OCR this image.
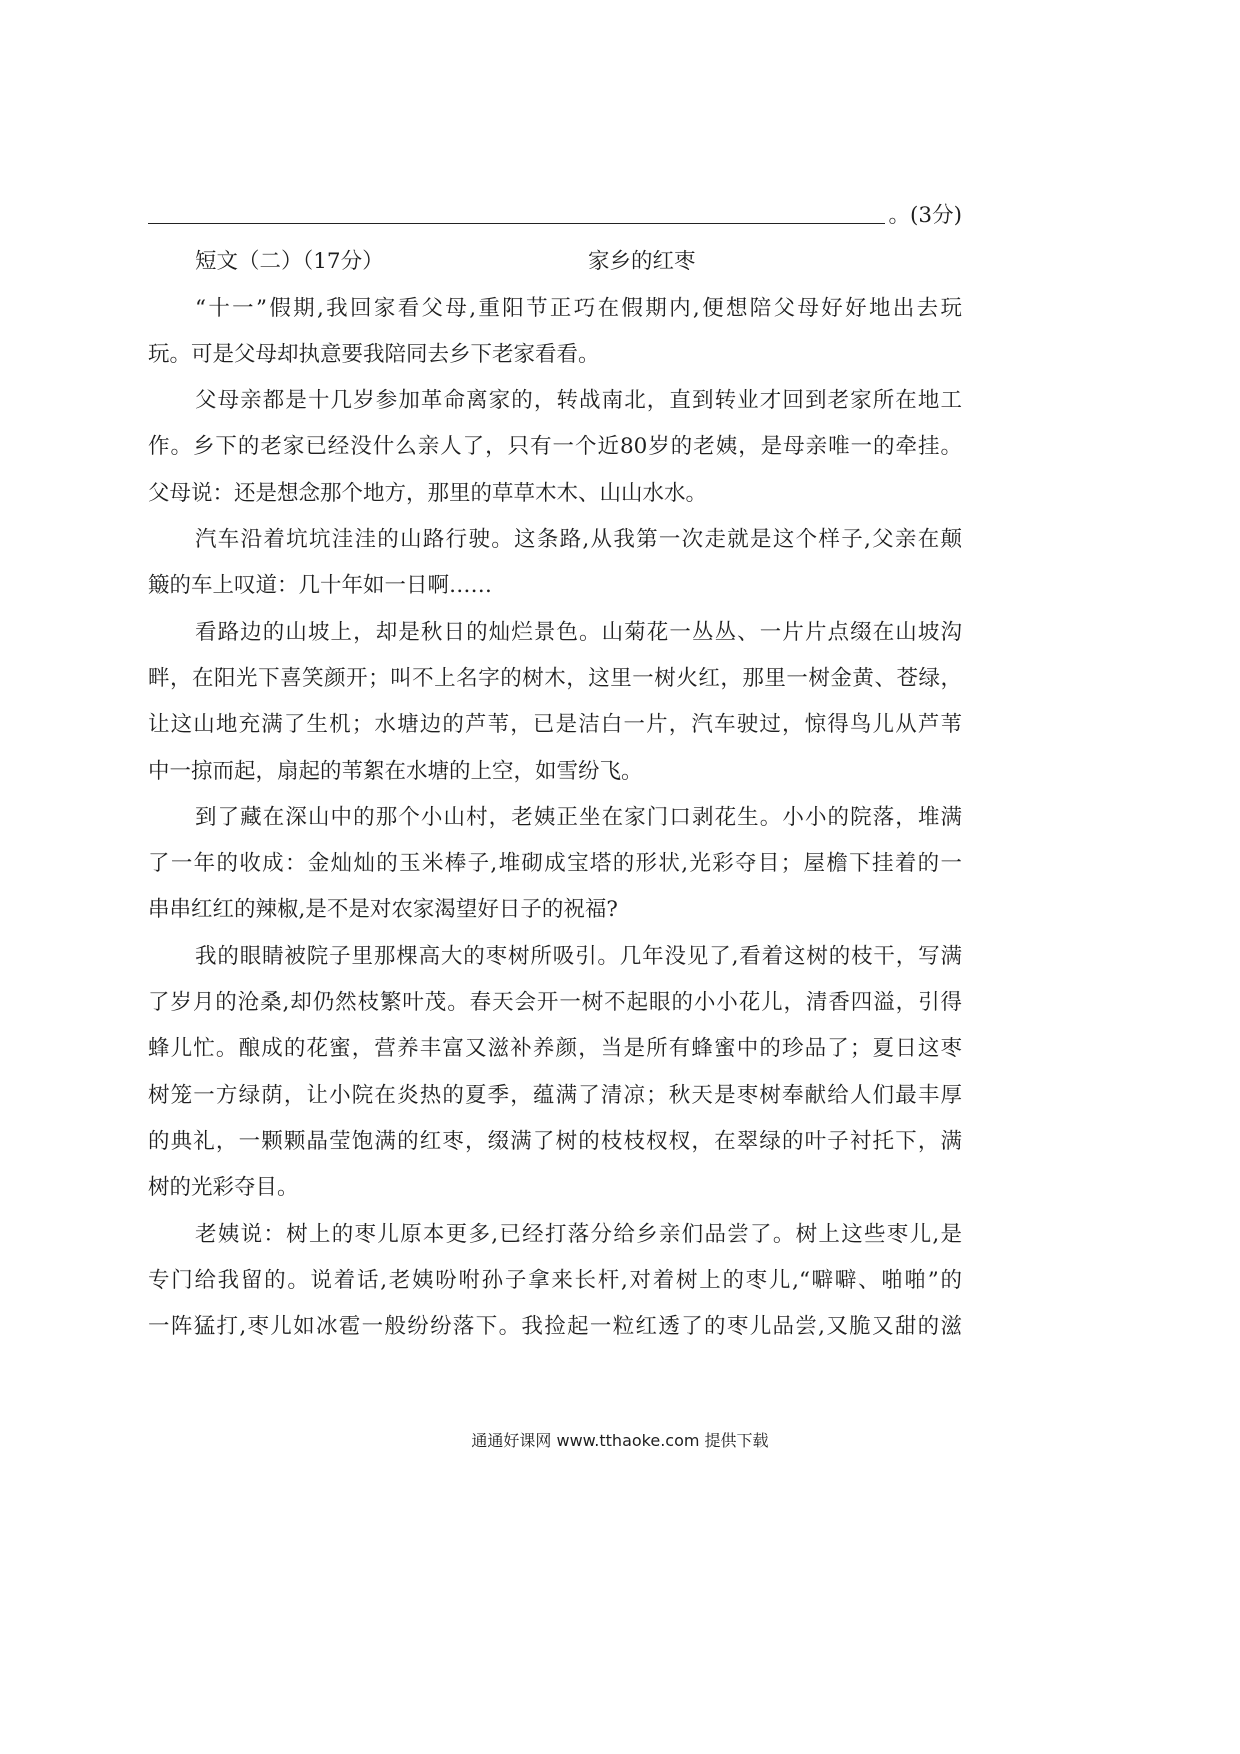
。(3分)
短文（二）（17分）	家乡的红枣
“十一”假期,我回家看父母,重阳节正巧在假期内,便想陪父母好好地出去玩
玩。可是父母却执意要我陪同去乡下老家看看。
父母亲都是十几岁参加革命离家的，转战南北，直到转业才回到老家所在地工
作。乡下的老家已经没什么亲人了，只有一个近80岁的老姨，是母亲唯一的牵挂。
父母说：还是想念那个地方，那里的草草木木、山山水水。
汽车沿着坑坑洼洼的山路行驶。这条路,从我第一次走就是这个样子,父亲在颠
簸的车上叹道：几十年如一日啊……
看路边的山坡上，却是秋日的灿烂景色。山菊花一丛丛、一片片点缀在山坡沟
畔，在阳光下喜笑颜开；叫不上名字的树木，这里一树火红，那里一树金黄、苍绿，
让这山地充满了生机；水塘边的芦苇，已是洁白一片，汽车驶过，惊得鸟儿从芦苇
中一掠而起，扇起的苇絮在水塘的上空，如雪纷飞。
到了藏在深山中的那个小山村，老姨正坐在家门口剥花生。小小的院落，堆满
了一年的收成：金灿灿的玉米棒子,堆砌成宝塔的形状,光彩夺目；屋檐下挂着的一
串串红红的辣椒,是不是对农家渴望好日子的祝福?
我的眼睛被院子里那棵高大的枣树所吸引。几年没见了,看着这树的枝干，写满
了岁月的沧桑,却仍然枝繁叶茂。春天会开一树不起眼的小小花儿，清香四溢，引得
蜂儿忙。酿成的花蜜，营养丰富又滋补养颜，当是所有蜂蜜中的珍品了；夏日这枣
树笼一方绿荫，让小院在炎热的夏季，蕴满了清凉；秋天是枣树奉献给人们最丰厚
的典礼，一颗颗晶莹饱满的红枣，缀满了树的枝枝杈杈，在翠绿的叶子衬托下，满
树的光彩夺目。
老姨说：树上的枣儿原本更多,已经打落分给乡亲们品尝了。树上这些枣儿,是
专门给我留的。说着话,老姨吩咐孙子拿来长杆,对着树上的枣儿,“噼噼、啪啪”的
一阵猛打,枣儿如冰雹一般纷纷落下。我捡起一粒红透了的枣儿品尝,又脆又甜的滋
通通好课网 www.tthaoke.com 提供下载
